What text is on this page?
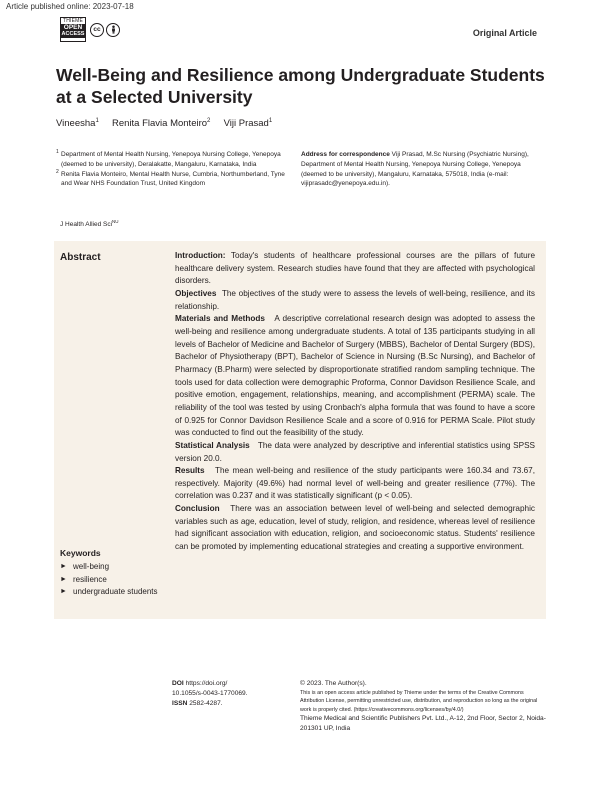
Article published online: 2023-07-18
THIEME
OPEN
ACCESS
cc	Original Article
Well-Being and Resilience among Undergraduate Students at a Selected University
Vineesha$^1$ Renita Flavia Monteiro$^2$ Viji Prasad$^1$
1 Department of Mental Health Nursing, Yenepoya Nursing College, Yenepoya (deemed to be university), Deralakatte, Mangaluru, Karnataka, India
2 Renita Flavia Monteiro, Mental Health Nurse, Cumbria, Northumberland, Tyne and Wear NHS Foundation Trust, United Kingdom
J Health Allied Sci$^{NU}$
Address for correspondence Viji Prasad, M.Sc Nursing (Psychiatric Nursing), Department of Mental Health Nursing, Yenepoya Nursing College, Yenepoya (deemed to be university), Mangaluru, Karnataka, 575018, India (e-mail: vijiprasadc@yenepoya.edu.in).
Abstract	Introduction: Today's students of healthcare professional courses are the pillars of future healthcare delivery system. Research studies have found that they are affected with psychological disorders.

Objectives The objectives of the study were to assess the levels of well-being, resilience, and its relationship.

Materials and Methods A descriptive correlational research design was adopted to assess the well-being and resilience among undergraduate students. A total of 135 participants studying in all levels of Bachelor of Medicine and Bachelor of Surgery (MBBS), Bachelor of Dental Surgery (BDS), Bachelor of Physiotherapy (BPT), Bachelor of Science in Nursing (B.Sc Nursing), and Bachelor of Pharmacy (B.Pharm) were selected by disproportionate stratified random sampling technique. The tools used for data collection were demographic Proforma, Connor Davidson Resilience Scale, and positive emotion, engagement, relationships, meaning, and accomplishment (PERMA) scale. The reliability of the tool was tested by using Cronbach's alpha formula that was found to have a score of 0.925 for Connor Davidson Resilience Scale and a score of 0.916 for PERMA Scale. Pilot study was conducted to find out the feasibility of the study.

Statistical Analysis The data were analyzed by descriptive and inferential statistics using SPSS version 20.0.

Results The mean well-being and resilience of the study participants were 160.34 and 73.67, respectively. Majority (49.6%) had normal level of well-being and greater resilience (77%). The correlation was 0.237 and it was statistically significant (p < 0.05).

Conclusion There was an association between level of well-being and selected demographic variables such as age, education, level of study, religion, and residence, whereas level of resilience had significant association with education, religion, and socioeconomic status. Students' resilience can be promoted by implementing educational strategies and creating a supportive environment.

Keywords
► well-being
► resilience
► undergraduate students
DOI https://doi.org/
10.1055/s-0043-1770069.
ISSN 2582-4287.
© 2023. The Author(s).
This is an open access article published by Thieme under the terms of the Creative Commons Attribution License, permitting unrestricted use, distribution, and reproduction so long as the original work is properly cited. (https://creativecommons.org/licenses/by/4.0/)
Thieme Medical and Scientific Publishers Pvt. Ltd., A-12, 2nd Floor, Sector 2, Noida-201301 UP, India
